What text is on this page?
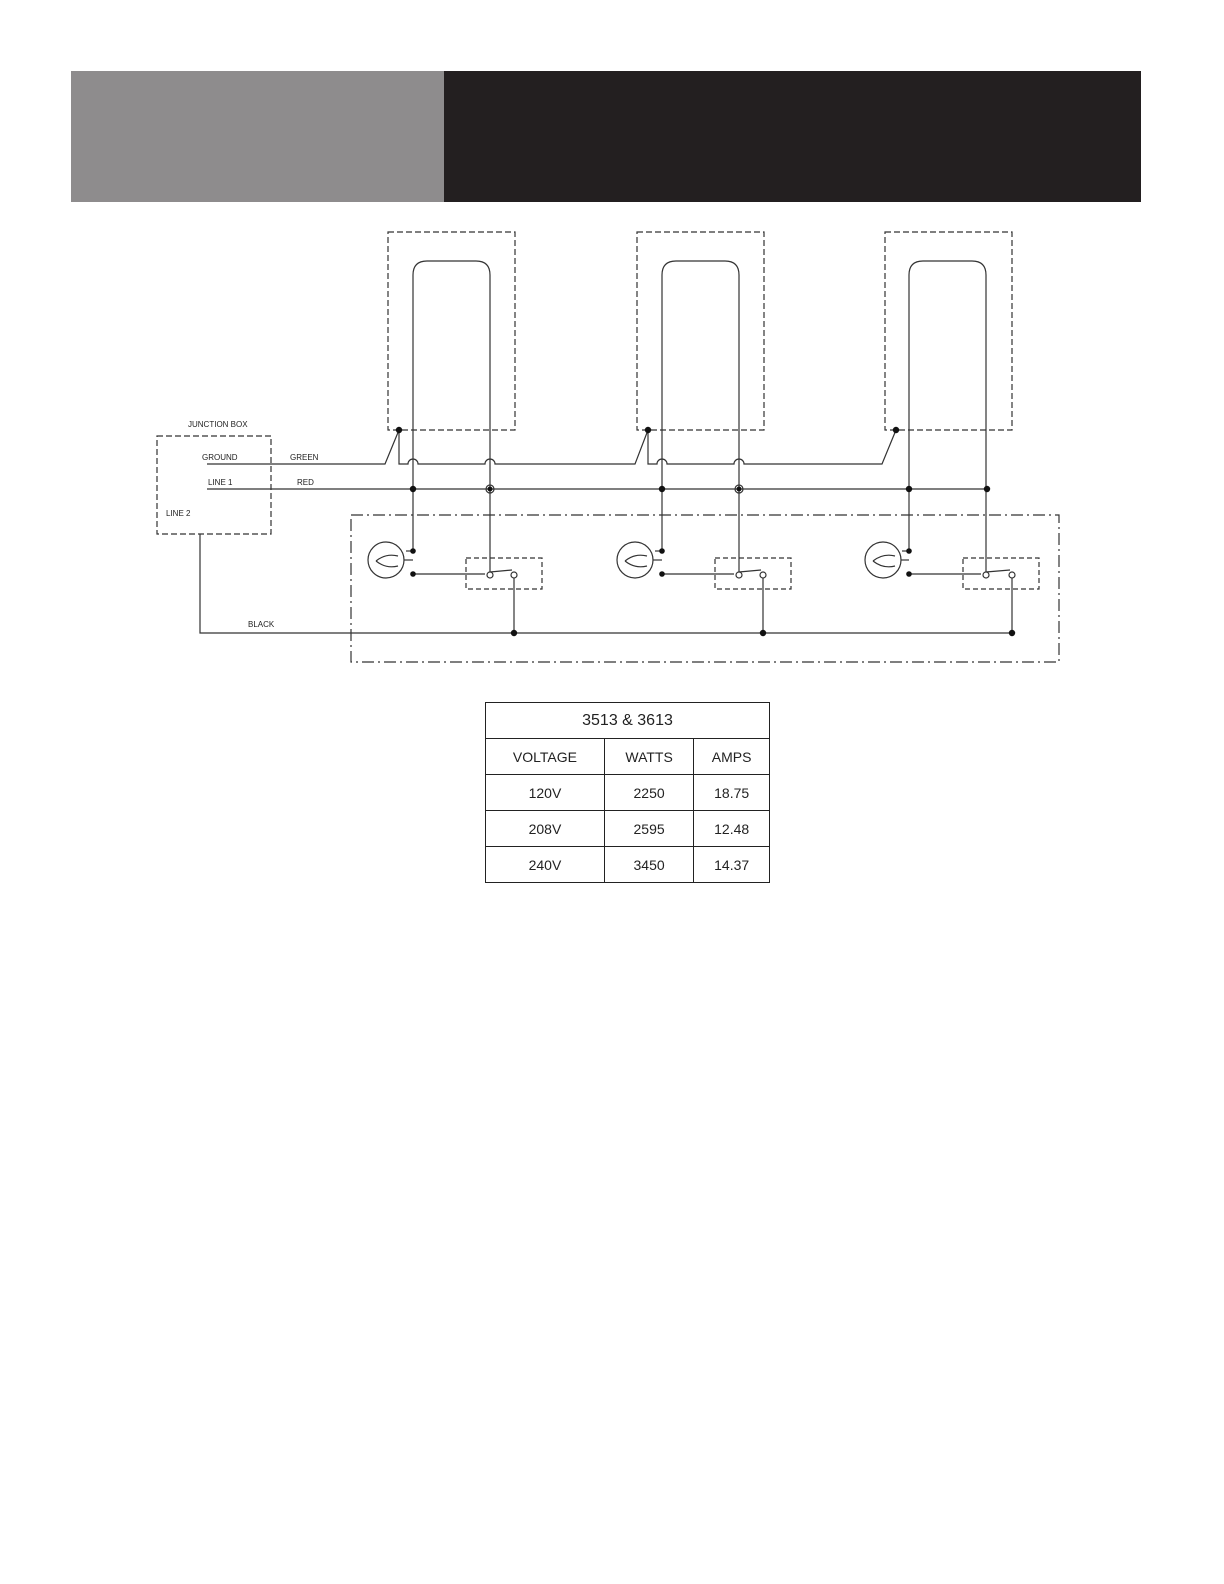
JUNCTION BOX
GROUND	GREEN
LINE 1	RED
LINE 2
BLACK
3513 & 3613		
VOLTAGE	WATTS	AMPS
120V	2250	18.75
208V	2595	12.48
240V	3450	14.37
